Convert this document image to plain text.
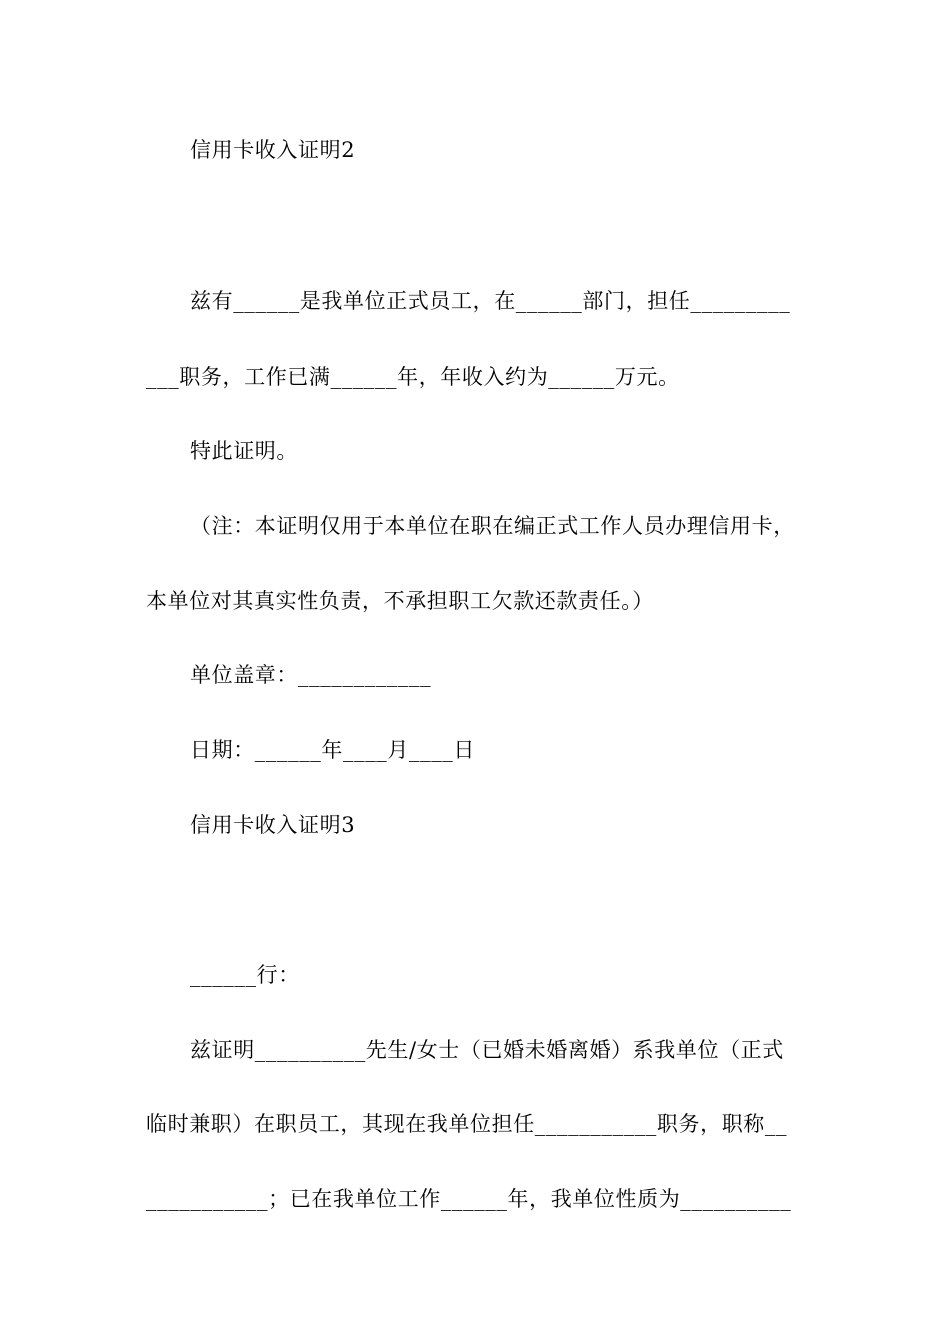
信用卡收入证明2
兹有______是我单位正式员工，在______部门，担任_________
___职务，工作已满______年，年收入约为______万元。
特此证明。
（注：本证明仅用于本单位在职在编正式工作人员办理信用卡，
本单位对其真实性负责，不承担职工欠款还款责任。）
单位盖章：____________
日期：______年____月____日
信用卡收入证明3
______行：
兹证明__________先生/女士（已婚未婚离婚）系我单位（正式
临时兼职）在职员工，其现在我单位担任___________职务，职称__
___________；已在我单位工作______年，我单位性质为__________
